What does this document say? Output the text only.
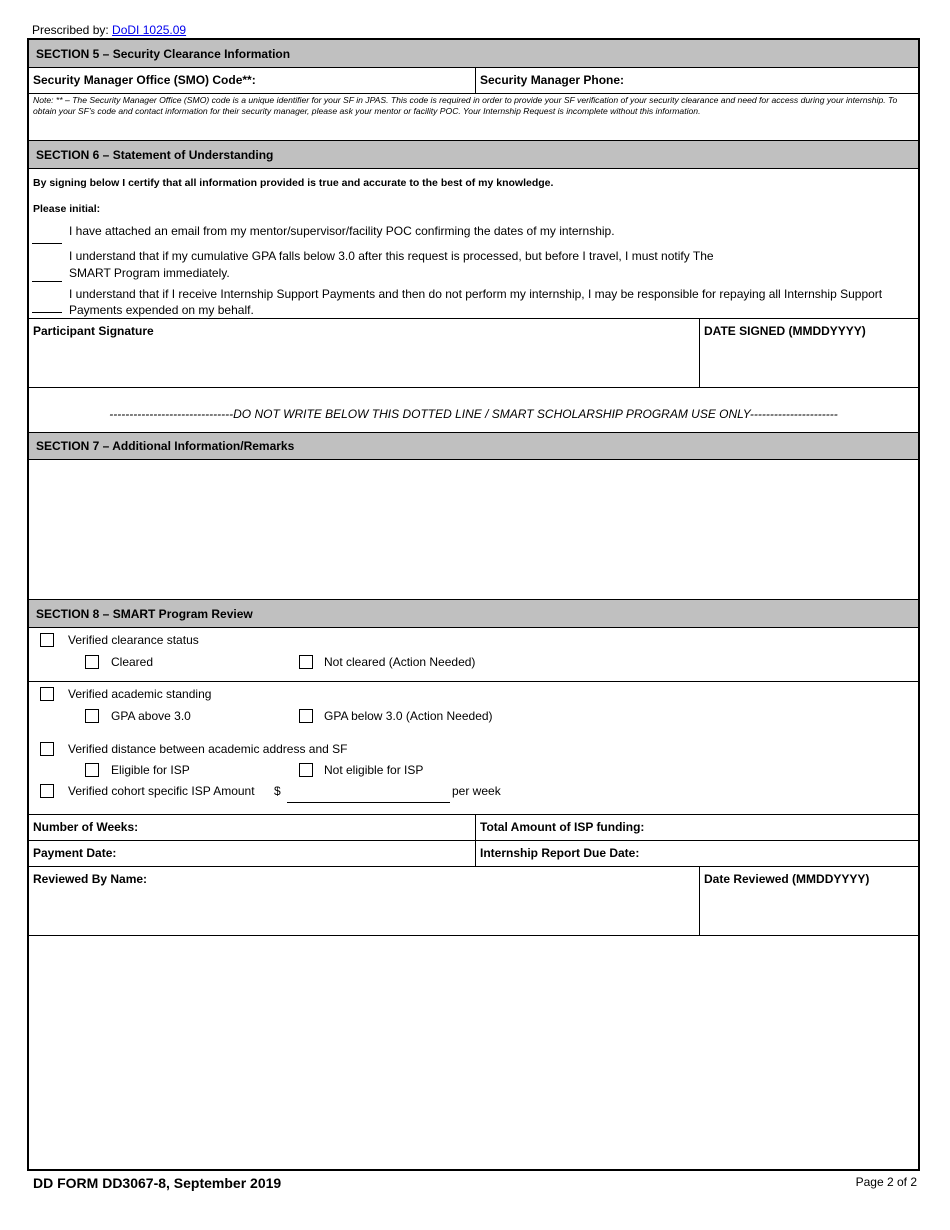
Prescribed by: DoDI 1025.09
SECTION 5 – Security Clearance Information
Security Manager Office (SMO) Code**:	Security Manager Phone:
Note: ** – The Security Manager Office (SMO) code is a unique identifier for your SF in JPAS. This code is required in order to provide your SF verification of your security clearance and need for access during your internship. To obtain your SF’s code and contact information for their security manager, please ask your mentor or facility POC. Your Internship Request is incomplete without this information.
SECTION 6 – Statement of Understanding
By signing below I certify that all information provided is true and accurate to the best of my knowledge.
Please initial:
I have attached an email from my mentor/supervisor/facility POC confirming the dates of my internship.
I understand that if my cumulative GPA falls below 3.0 after this request is processed, but before I travel, I must notify The SMART Program immediately.
I understand that if I receive Internship Support Payments and then do not perform my internship, I may be responsible for repaying all Internship Support Payments expended on my behalf.
Participant Signature	DATE SIGNED (MMDDYYYY)
-------------------------------DO NOT WRITE BELOW THIS DOTTED LINE / SMART SCHOLARSHIP PROGRAM USE ONLY----------------------
SECTION 7 – Additional Information/Remarks
SECTION 8 – SMART Program Review
Verified clearance status
Cleared	Not cleared (Action Needed)
Verified academic standing
GPA above 3.0	GPA below 3.0 (Action Needed)
Verified distance between academic address and SF
Eligible for ISP	Not eligible for ISP
Verified cohort specific ISP Amount $	per week
Number of Weeks:	Total Amount of ISP funding:
Payment Date:	Internship Report Due Date:
Reviewed By Name:	Date Reviewed (MMDDYYYY)
DD FORM DD3067-8, September 2019	Page 2 of 2
